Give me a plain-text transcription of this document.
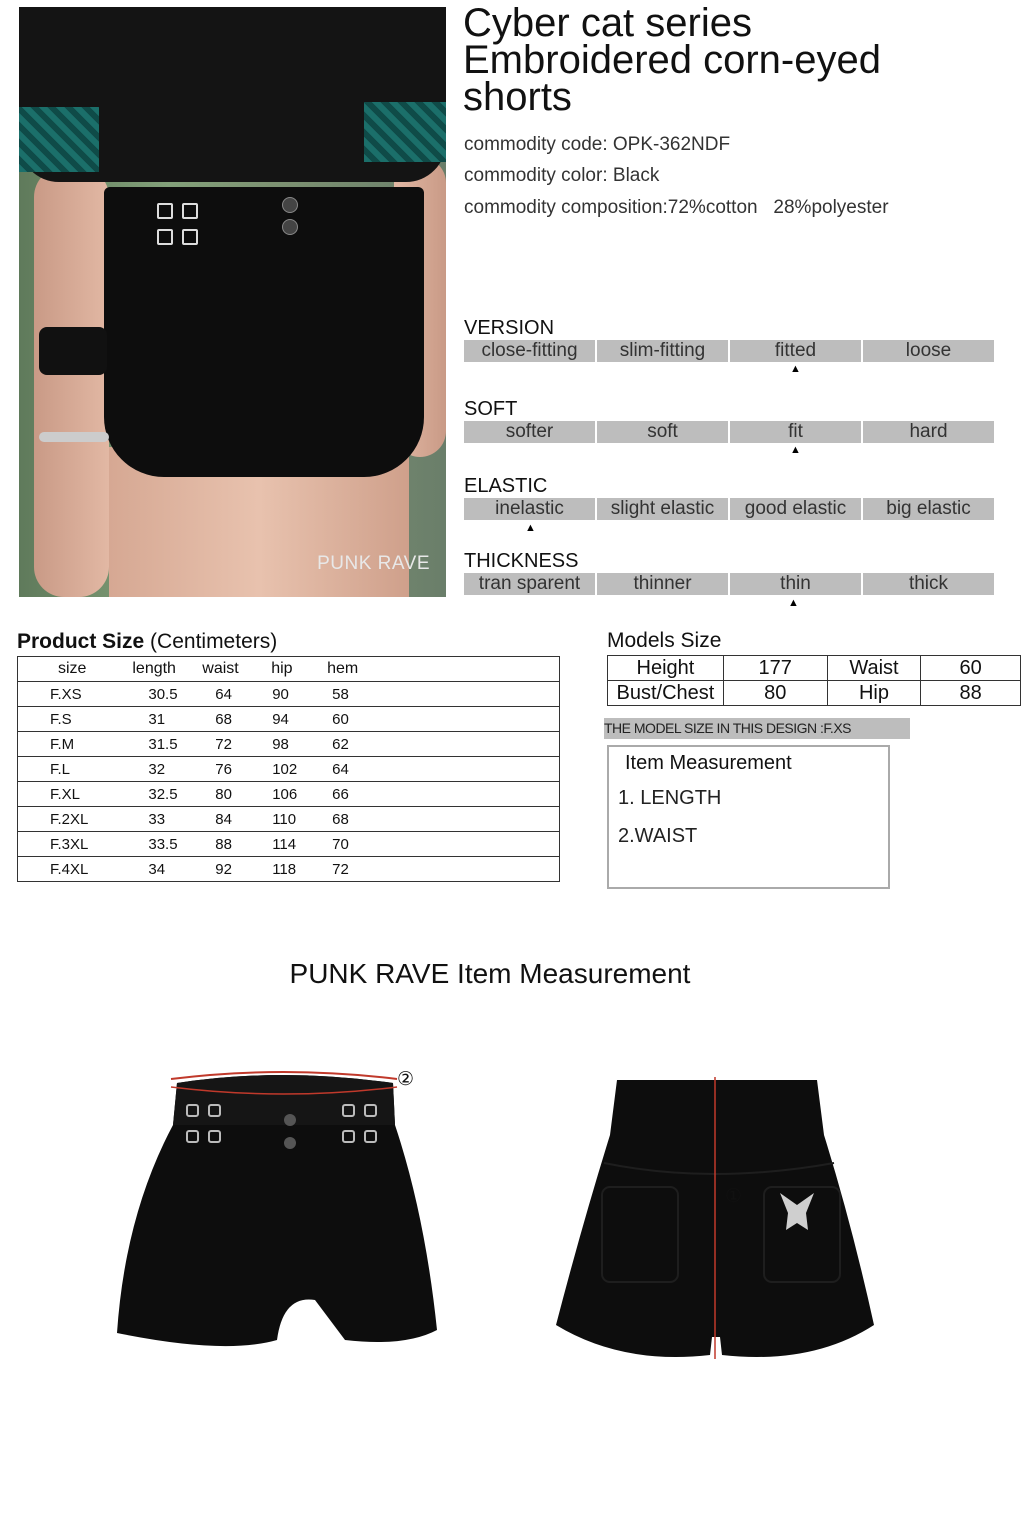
PUNK RAVE
Cyber cat series
Embroidered corn-eyed
shorts
commodity code: OPK-362NDF
commodity color: Black
commodity composition:72%cotton   28%polyester
VERSION
close-fitting	slim-fitting	fitted	loose
▲
SOFT
softer	soft	fit	hard
▲
ELASTIC
inelastic	slight elastic	good elastic	big elastic
▲
THICKNESS
tran sparent	thinner	thin	thick
▲
Product Size (Centimeters)
size	length	waist	hip	hem
F.XS	30.5	64	90	58
F.S	31	68	94	60
F.M	31.5	72	98	62
F.L	32	76	102	64
F.XL	32.5	80	106	66
F.2XL	33	84	110	68
F.3XL	33.5	88	114	70
F.4XL	34	92	118	72
Models Size
Height	177	Waist	60
Bust/Chest	80	Hip	88
THE MODEL SIZE IN THIS DESIGN :F.XS
Item Measurement
1. LENGTH
2.WAIST
PUNK RAVE Item Measurement
②
①
